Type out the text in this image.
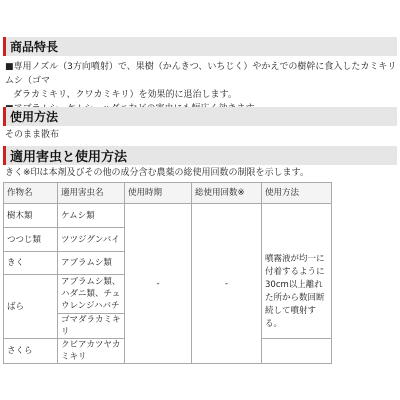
商品特長

■専用ノズル（3方向噴射）で、果樹（かんきつ、いちじく）やかえでの樹幹に食入したカミキリムシ（ゴマ

ダラカミキリ、クワカミキリ）を効果的に退治します。

使用方法
そのまま散布
適用害虫と使用方法
きく※印は本剤及びその他の成分含む農薬の総使用回数の制限を示します。
作物名	適用害虫名	使用時期	総使用回数※	使用方法
樹木類	ケムシ類	-	-	噴霧液が均一に付着するように30cm以上離れた所から数回断続して噴射する。
つつじ類	ツツジグンバイ			
きく	アブラムシ類			
ばら	アブラムシ類、ハダニ類、チュウレンジハバチ			
	ゴマダラカミキリ			
さくら	クビアカツヤカミキリ			
